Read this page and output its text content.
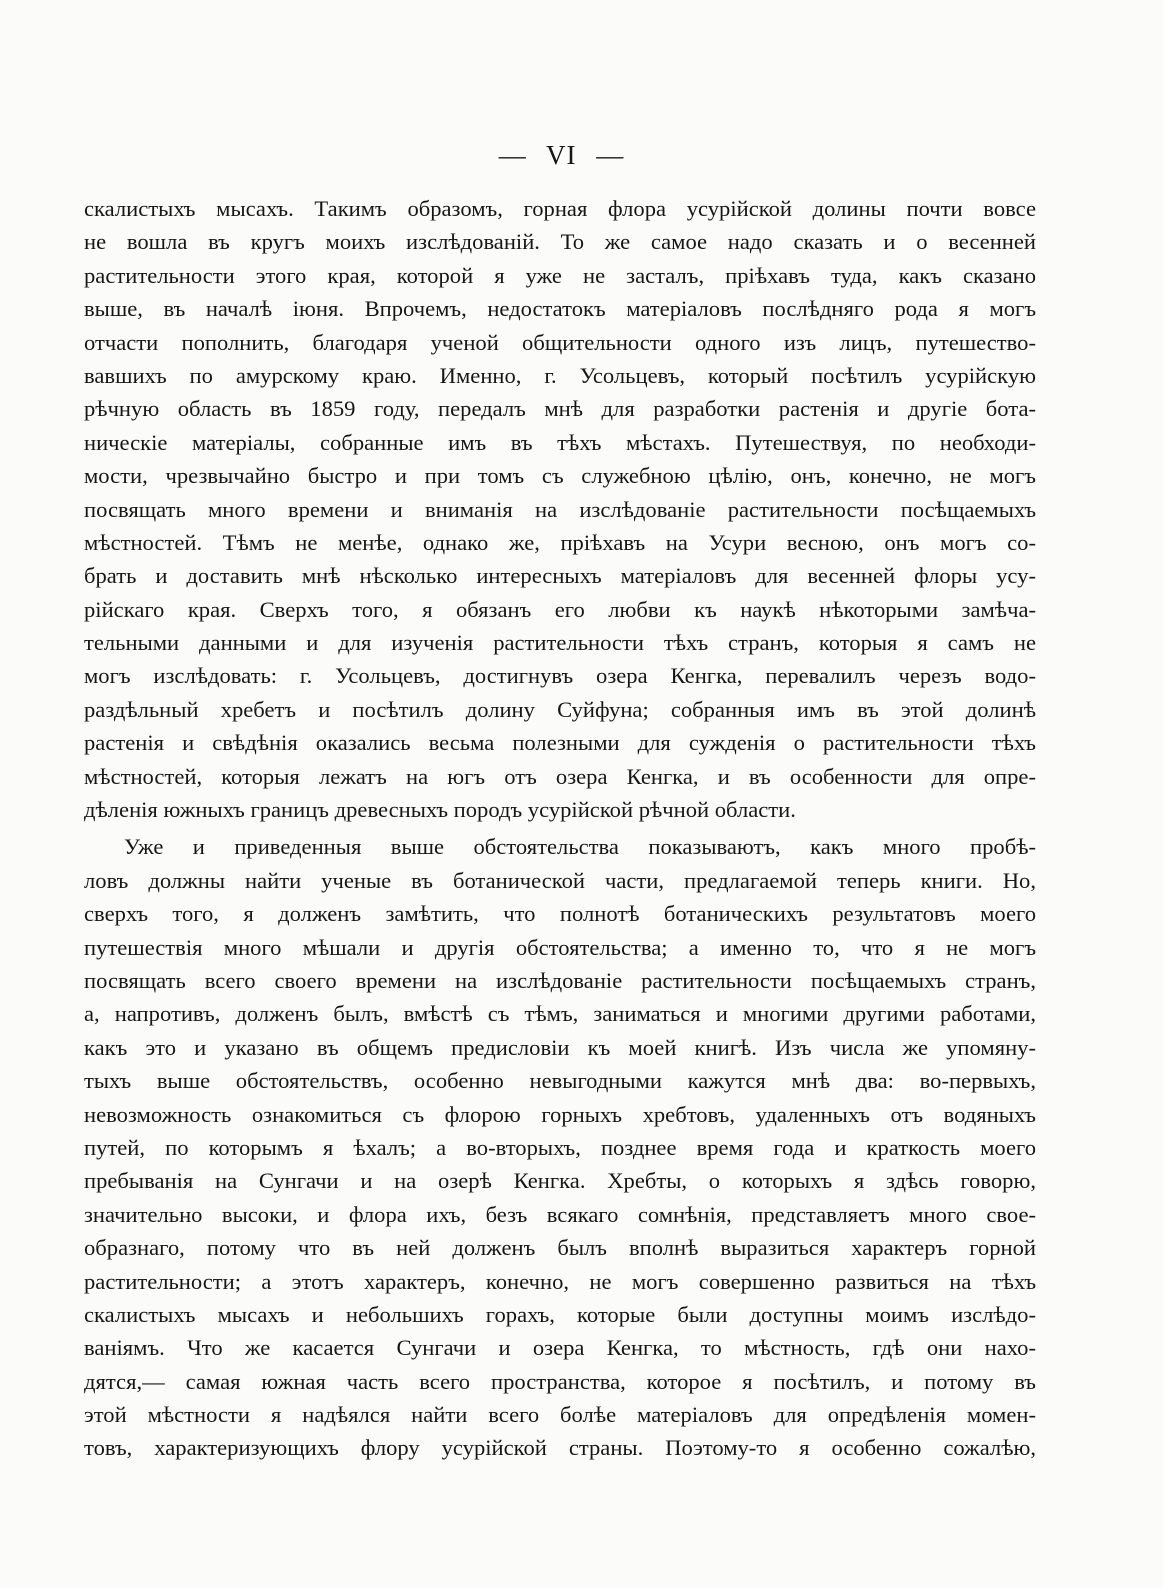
— VI —
скалистыхъ мысахъ. Такимъ образомъ, горная флора усурійской долины почти вовсе
не вошла въ кругъ моихъ изслѣдованій. То же самое надо сказать и о весенней
растительности этого края, которой я уже не засталъ, пріѣхавъ туда, какъ сказано
выше, въ началѣ іюня. Впрочемъ, недостатокъ матеріаловъ послѣдняго рода я могъ
отчасти пополнить, благодаря ученой общительности одного изъ лицъ, путешество-
вавшихъ по амурскому краю. Именно, г. Усольцевъ, который посѣтилъ усурійскую
рѣчную область въ 1859 году, передалъ мнѣ для разработки растенія и другіе бота-
ническіе матеріалы, собранные имъ въ тѣхъ мѣстахъ. Путешествуя, по необходи-
мости, чрезвычайно быстро и при томъ съ служебною цѣлію, онъ, конечно, не могъ
посвящать много времени и вниманія на изслѣдованіе растительности посѣщаемыхъ
мѣстностей. Тѣмъ не менѣе, однако же, пріѣхавъ на Усури весною, онъ могъ со-
брать и доставить мнѣ нѣсколько интересныхъ матеріаловъ для весенней флоры усу-
рійскаго края. Сверхъ того, я обязанъ его любви къ наукѣ нѣкоторыми замѣча-
тельными данными и для изученія растительности тѣхъ странъ, которыя я самъ не
могъ изслѣдовать: г. Усольцевъ, достигнувъ озера Кенгка, перевалилъ черезъ водо-
раздѣльный хребетъ и посѣтилъ долину Суйфуна; собранныя имъ въ этой долинѣ
растенія и свѣдѣнія оказались весьма полезными для сужденія о растительности тѣхъ
мѣстностей, которыя лежатъ на югъ отъ озера Кенгка, и въ особенности для опре-
дѣленія южныхъ границъ древесныхъ породъ усурійской рѣчной области.
Уже и приведенныя выше обстоятельства показываютъ, какъ много пробѣ-
ловъ должны найти ученые въ ботанической части, предлагаемой теперь книги. Но,
сверхъ того, я долженъ замѣтить, что полнотѣ ботаническихъ результатовъ моего
путешествія много мѣшали и другія обстоятельства; а именно то, что я не могъ
посвящать всего своего времени на изслѣдованіе растительности посѣщаемыхъ странъ,
а, напротивъ, долженъ былъ, вмѣстѣ съ тѣмъ, заниматься и многими другими работами,
какъ это и указано въ общемъ предисловіи къ моей книгѣ. Изъ числа же упомяну-
тыхъ выше обстоятельствъ, особенно невыгодными кажутся мнѣ два: во-первыхъ,
невозможность ознакомиться съ флорою горныхъ хребтовъ, удаленныхъ отъ водяныхъ
путей, по которымъ я ѣхалъ; а во-вторыхъ, позднее время года и краткость моего
пребыванія на Сунгачи и на озерѣ Кенгка. Хребты, о которыхъ я здѣсь говорю,
значительно высоки, и флора ихъ, безъ всякаго сомнѣнія, представляетъ много свое-
образнаго, потому что въ ней долженъ былъ вполнѣ выразиться характеръ горной
растительности; а этотъ характеръ, конечно, не могъ совершенно развиться на тѣхъ
скалистыхъ мысахъ и небольшихъ горахъ, которые были доступны моимъ изслѣдо-
ваніямъ. Что же касается Сунгачи и озера Кенгка, то мѣстность, гдѣ они нахо-
дятся,— самая южная часть всего пространства, которое я посѣтилъ, и потому въ
этой мѣстности я надѣялся найти всего болѣе матеріаловъ для опредѣленія момен-
товъ, характеризующихъ флору усурійской страны. Поэтому-то я особенно сожалѣю,
